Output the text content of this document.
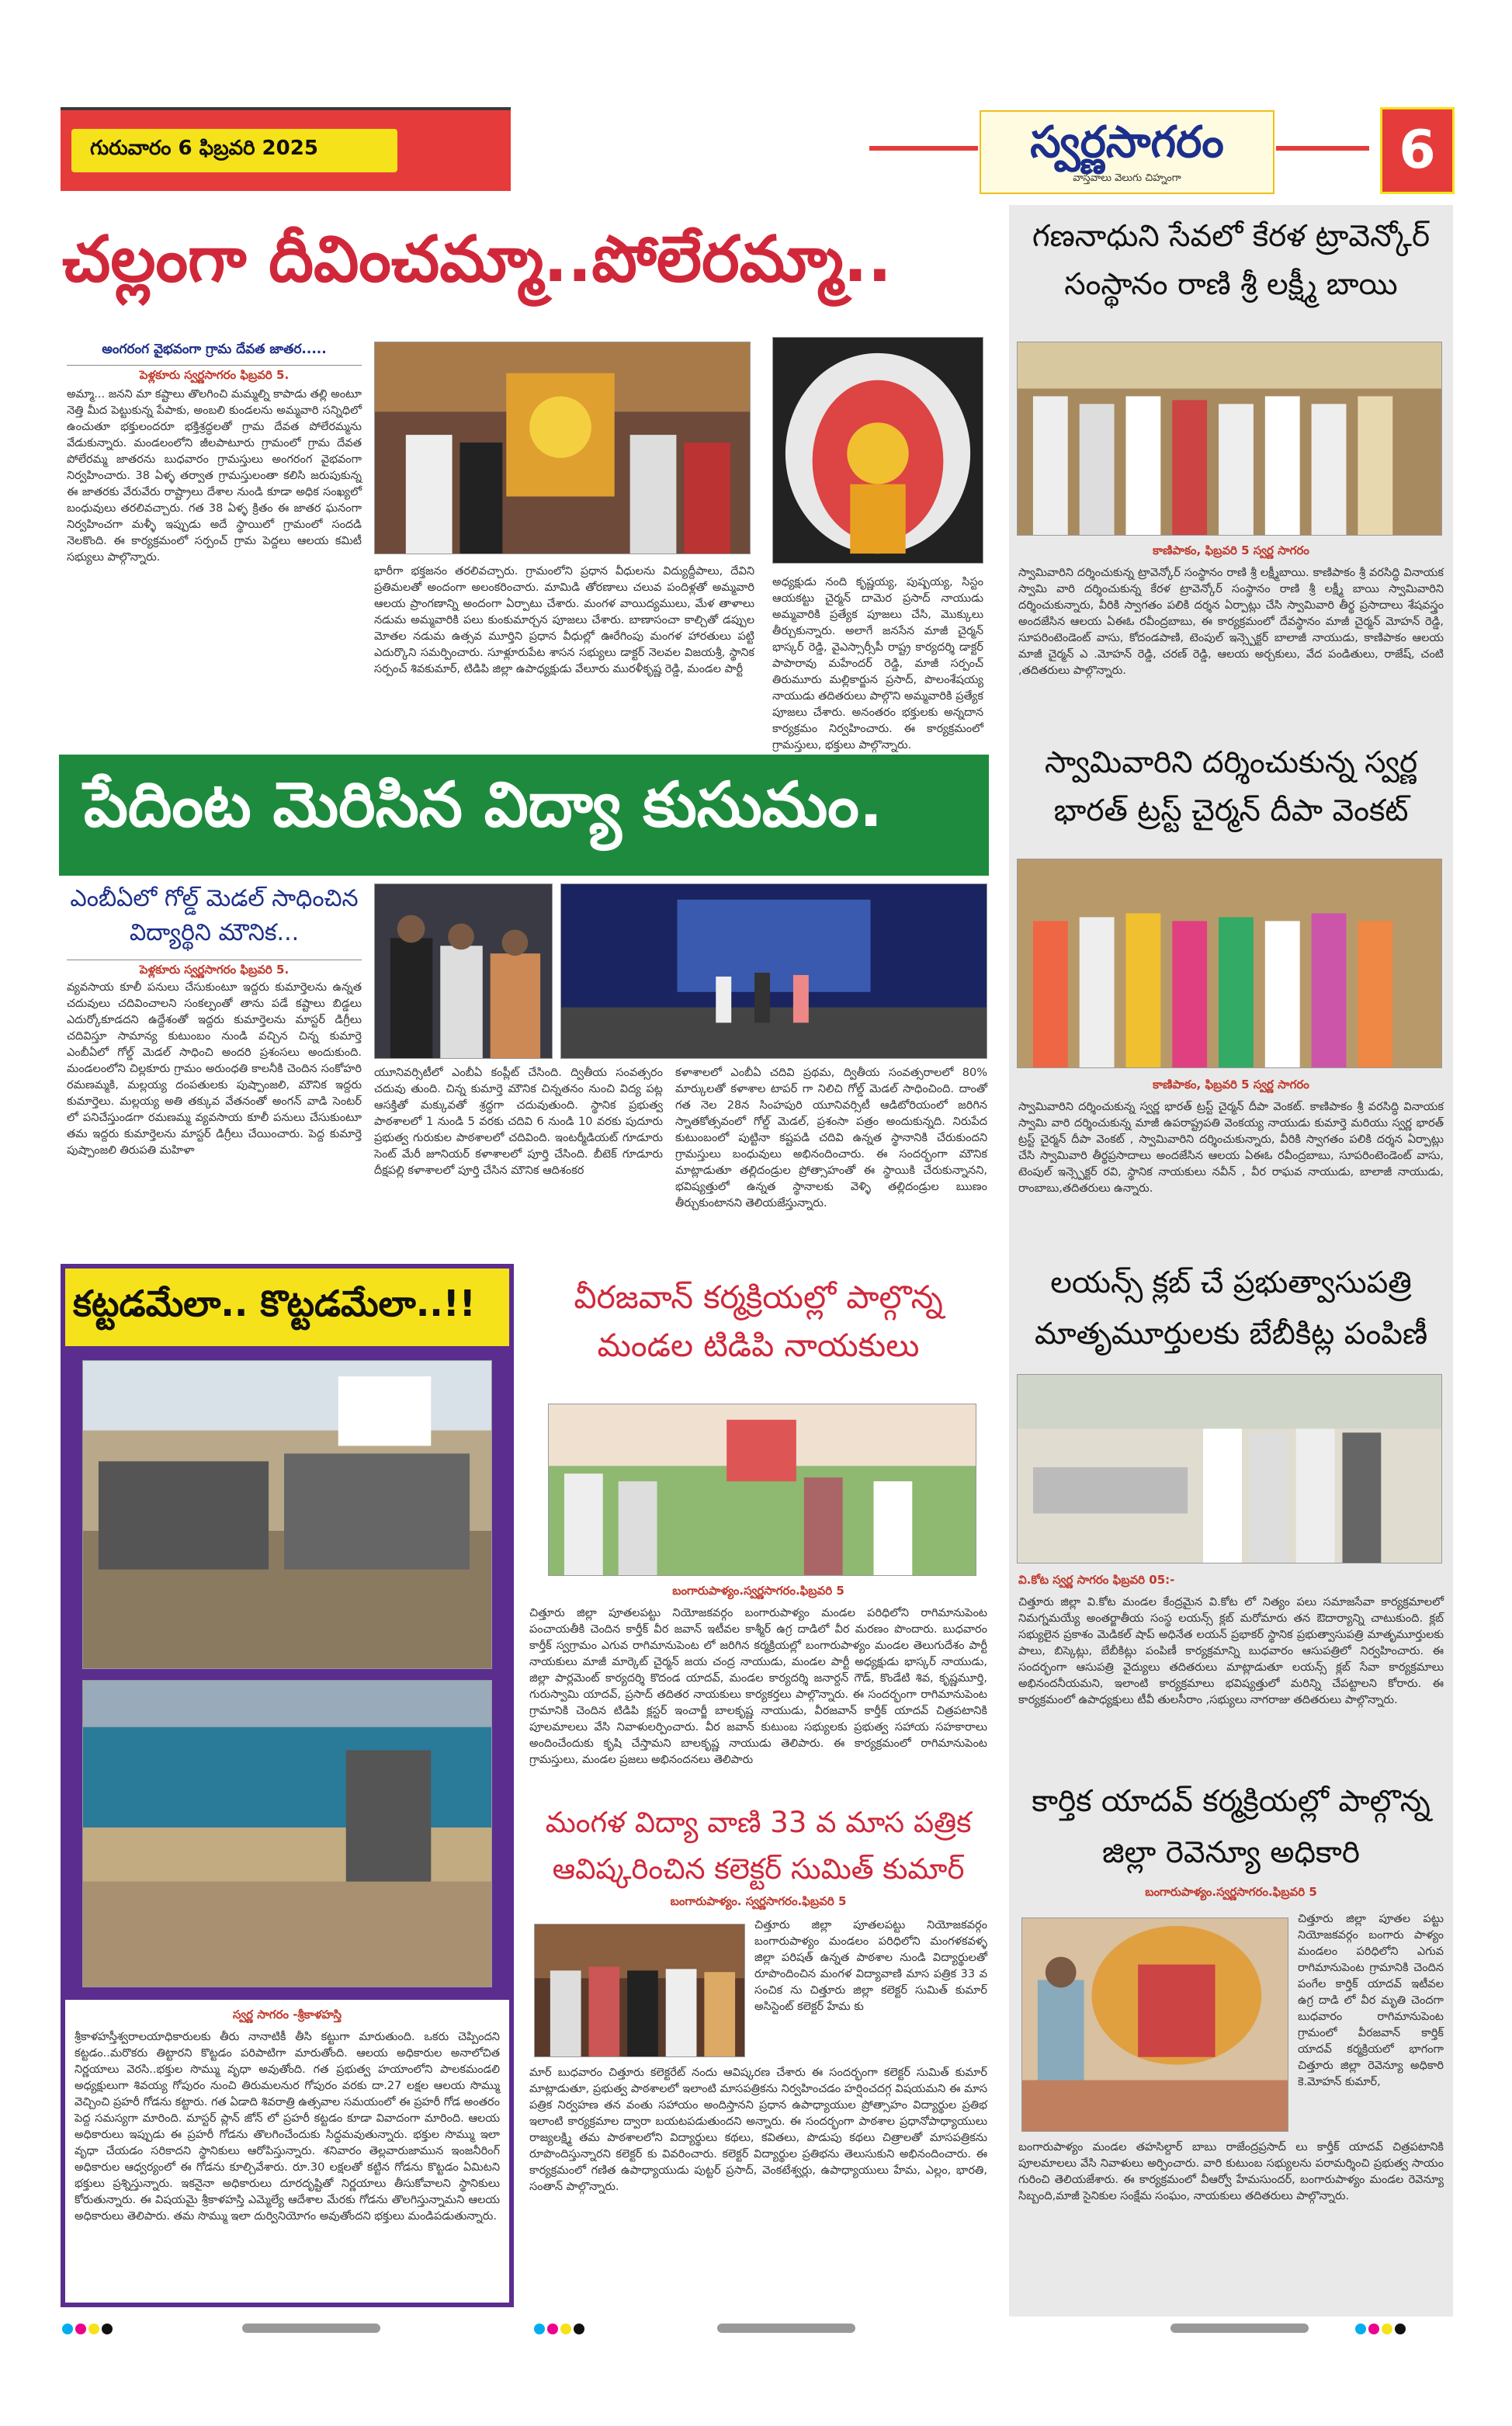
గురువారం 6 ఫిబ్రవరి 2025	స్వర్ణసాగరం
వాస్తవాలు వెలుగు చిహ్నంగా	6
చల్లంగా దీవించమ్మా..పోలేరమ్మా..
అంగరంగ వైభవంగా గ్రామ దేవత జాతర.....
పెళ్లకూరు స్వర్ణసాగరం ఫిబ్రవరి 5.
అమ్మా... జనని మా కష్టాలు తొలగించి మమ్మల్ని కాపాడు తల్లి అంటూ నెత్తి మీద పెట్టుకున్న పేపాకు, అంబలి కుండలను అమ్మవారి సన్నిధిలో ఉంచుతూ భక్తులందరూ భక్తిశ్రద్ధలతో గ్రామ దేవత పోలేరమ్మను వేడుకున్నారు. మండలంలోని జీలపాటూరు గ్రామంలో గ్రామ దేవత పోలేరమ్మ జాతరను బుధవారం గ్రామస్తులు అంగరంగ వైభవంగా నిర్వహించారు. 38 ఏళ్ళ తర్వాత గ్రామస్తులంతా కలిసి జరుపుకున్న ఈ జాతరకు వేరువేరు రాష్ట్రాలు దేశాల నుండి కూడా అధిక సంఖ్యలో బంధువులు తరలివచ్చారు. గత 38 ఏళ్ళ క్రితం ఈ జాతర ఘనంగా నిర్వహించగా మళ్ళీ ఇప్పుడు అదే స్థాయిలో గ్రామంలో సందడి నెలకొంది. ఈ కార్యక్రమంలో సర్పంచ్ గ్రామ పెద్దలు ఆలయ కమిటీ సభ్యులు పాల్గొన్నారు.
భారీగా భక్తజనం తరలివచ్చారు. గ్రామంలోని ప్రధాన వీధులను విద్యుద్దీపాలు, దేవిని ప్రతిమలతో అందంగా అలంకరించారు. మామిడి తోరణాలు చలువ పందిళ్లతో అమ్మవారి ఆలయ ప్రాంగణాన్ని అందంగా ఏర్పాటు చేశారు. మంగళ వాయిద్యములు, మేళ తాళాలు నడుమ అమ్మవారికి పలు కుంకుమార్చన పూజలు చేశారు. బాణాసంచా కాల్చితో డప్పుల మోతల నడుమ ఉత్సవ మూర్తిని ప్రధాన వీధుల్లో ఊరేగింపు మంగళ హారతులు పట్టి ఎదుర్కొని సమర్పించారు. సూళ్లూరుపేట శాసన సభ్యులు డాక్టర్ నెలవల విజయశ్రీ, స్థానిక సర్పంచ్ శివకుమార్, టిడిపి జిల్లా ఉపాధ్యక్షుడు వేలూరు మురళీకృష్ణ రెడ్డి, మండల పార్టీ
అధ్యక్షుడు నంది కృష్ణయ్య, పుష్పయ్య, సిస్టం ఆయకట్టు చైర్మన్ దామెర ప్రసాద్ నాయుడు అమ్మవారికి ప్రత్యేక పూజలు చేసి, మొక్కులు తీర్చుకున్నారు. అలాగే జనసేన మాజీ చైర్మన్ భాస్కర్ రెడ్డి, వైఎస్సార్సీపీ రాష్ట్ర కార్యదర్శి డాక్టర్ పాపారావు మహేందర్ రెడ్డి, మాజీ సర్పంచ్ తిరుమూరు మల్లికార్జున ప్రసాద్, పొలంశేషయ్య నాయుడు తదితరులు పాల్గొని అమ్మవారికి ప్రత్యేక పూజలు చేశారు. అనంతరం భక్తులకు అన్నదాన కార్యక్రమం నిర్వహించారు. ఈ కార్యక్రమంలో గ్రామస్తులు, భక్తులు పాల్గొన్నారు.
పేదింట మెరిసిన విద్యా కుసుమం.
ఎంబీఏలో గోల్డ్ మెడల్ సాధించిన విద్యార్థిని మౌనిక...
పెళ్లకూరు స్వర్ణసాగరం ఫిబ్రవరి 5.
వ్యవసాయ కూలీ పనులు చేసుకుంటూ ఇద్దరు కుమార్తెలను ఉన్నత చదువులు చదివించాలని సంకల్పంతో తాను పడే కష్టాలు బిడ్డలు ఎదుర్కోకూడదని ఉద్దేశంతో ఇద్దరు కుమార్తెలను మాస్టర్ డిగ్రీలు చదివిస్తూ సామాన్య కుటుంబం నుండి వచ్చిన చిన్న కుమార్తె ఎంబీఏలో గోల్డ్ మెడల్ సాధించి అందరి ప్రశంసలు అందుకుంది. మండలంలోని చిల్లకూరు గ్రామం అరుంధతి కాలనీకి చెందిన సంకోహరి రమణమ్మకి, మల్లయ్య దంపతులకు పుష్పాంజలి, మౌనిక ఇద్దరు కుమార్తెలు. మల్లయ్య అతి తక్కువ వేతనంతో అంగన్ వాడి సెంటర్ లో పనిచేస్తుండగా రమణమ్మ వ్యవసాయ కూలీ పనులు చేసుకుంటూ తమ ఇద్దరు కుమార్తెలను మాస్టర్ డిగ్రీలు చేయించారు. పెద్ద కుమార్తె పుష్పాంజలి తిరుపతి మహిళా
యూనివర్సిటీలో ఎంబీఏ కంప్లీట్ చేసింది. ద్వితీయ సంవత్సరం చదువు తుంది. చిన్న కుమార్తె మౌనిక చిన్నతనం నుంచి విద్య పట్ల ఆసక్తితో మక్కువతో శ్రద్ధగా చదువుతుంది. స్థానిక ప్రభుత్వ పాఠశాలలో 1 నుండి 5 వరకు చదివి 6 నుండి 10 వరకు పుదూరు ప్రభుత్వ గురుకుల పాఠశాలలో చదివింది. ఇంటర్మీడియట్ గూడూరు సెంట్ మేరీ జూనియర్ కళాశాలలో పూర్తి చేసింది. బీటెక్ గూడూరు దీక్షపల్లి కళాశాలలో పూర్తి చేసిన మౌనిక ఆదిశంకర
కళాశాలలో ఎంబీఏ చదివి ప్రథమ, ద్వితీయ సంవత్సరాలలో 80% మార్కులతో కళాశాల టాపర్ గా నిలిచి గోల్డ్ మెడల్ సాధించింది. దాంతో గత నెల 28న సింహపురి యూనివర్సిటీ ఆడిటోరియంలో జరిగిన స్నాతకోత్సవంలో గోల్డ్ మెడల్, ప్రశంసా పత్రం అందుకున్నది. నిరుపేద కుటుంబంలో పుట్టినా కష్టపడి చదివి ఉన్నత స్థానానికి చేరుకుందని గ్రామస్తులు బంధువులు అభినందించారు. ఈ సందర్భంగా మౌనిక మాట్లాడుతూ తల్లిదండ్రుల ప్రోత్సాహంతో ఈ స్థాయికి చేరుకున్నానని, భవిష్యత్తులో ఉన్నత స్థానాలకు వెళ్ళి తల్లిదండ్రుల ఋణం తీర్చుకుంటానని తెలియజేస్తున్నారు.
కట్టడమేలా.. కొట్టడమేలా..!!
స్వర్ణ సాగరం -శ్రీకాళహస్తి
శ్రీకాళహస్తీశ్వరాలయాధికారులకు తీరు నానాటికీ తీసి కట్టుగా మారుతుంది. ఒకరు చెప్పిందని కట్టడం..మరొకరు తిట్టారని కొట్టడం పరిపాటిగా మారుతోంది. ఆలయ అధికారుల అనాలోచిత నిర్ణయాలు వెరసి..భక్తుల సొమ్ము వృధా అవుతోంది. గత ప్రభుత్వ హయాంలోని పాలకమండలి అధ్యక్షులుగా శివయ్య గోపురం నుంచి తిరుమలనుర గోపురం వరకు దా.27 లక్షల ఆలయ సొమ్ము వెచ్చించి ప్రహరీ గోడను కట్టారు. గత ఏడాది శివరాత్రి ఉత్సవాల సమయంలో ఈ ప్రహరీ గోడ అంతరం పెద్ద సమస్యగా మారింది. మాస్టర్ ప్లాన్ జోన్ లో ప్రహరీ కట్టడం కూడా వివాదంగా మారింది. ఆలయ అధికారులు ఇప్పుడు ఈ ప్రహరీ గోడను తొలగించేందుకు సిద్ధమవుతున్నారు. భక్తుల సొమ్ము ఇలా వృధా చేయడం సరికాదని స్థానికులు ఆరోపిస్తున్నారు. శనివారం తెల్లవారుజామున ఇంజనీరింగ్ అధికారుల ఆధ్వర్యంలో ఈ గోడను కూల్చివేశారు. రూ.30 లక్షలతో కట్టిన గోడను కొట్టడం ఏమిటని భక్తులు ప్రశ్నిస్తున్నారు. ఇకనైనా అధికారులు దూరదృష్టితో నిర్ణయాలు తీసుకోవాలని స్థానికులు కోరుతున్నారు. ఈ విషయమై శ్రీకాళహస్తి ఎమ్మెల్యే ఆదేశాల మేరకు గోడను తొలగిస్తున్నామని ఆలయ అధికారులు తెలిపారు. తమ సొమ్ము ఇలా దుర్వినియోగం అవుతోందని భక్తులు మండిపడుతున్నారు.
వీరజవాన్ కర్మక్రియల్లో పాల్గొన్న మండల టిడిపి నాయకులు
బంగారుపాళ్యం.స్వర్ణసాగరం.ఫిబ్రవరి 5
చిత్తూరు జిల్లా పూతలపట్టు నియోజకవర్గం బంగారుపాళ్యం మండల పరిధిలోని రాగిమానుపెంట పంచాయతీకి చెందిన కార్తీక్ వీర జవాన్ ఇటీవల కాశ్మీర్ ఉగ్ర దాడిలో వీర మరణం పొందారు. బుధవారం కార్తీక్ స్వగ్రామం ఎగువ రాగిమానుపెంట లో జరిగిన కర్మక్రియల్లో బంగారుపాళ్యం మండల తెలుగుదేశం పార్టీ నాయకులు మాజీ మార్కెట్ చైర్మన్ జయ చంద్ర నాయుడు, మండల పార్టీ అధ్యక్షుడు భాస్కర్ నాయుడు, జిల్లా పార్లమెంట్ కార్యదర్శి కొదండ యాదవ్, మండల కార్యదర్శి జనార్దన్ గౌడ్, కొండేటి శివ, కృష్ణమూర్తి, గురుస్వామి యాదవ్, ప్రసాద్ తదితర నాయకులు కార్యకర్తలు పాల్గొన్నారు. ఈ సందర్భంగా రాగిమానుపెంట గ్రామానికి చెందిన టిడిపి క్లస్టర్ ఇంచార్జీ బాలకృష్ణ నాయుడు, వీరజవాన్ కార్తీక్ యాదవ్ చిత్రపటానికి పూలమాలలు వేసి నివాళులర్పించారు. వీర జవాన్ కుటుంబ సభ్యులకు ప్రభుత్వ సహాయ సహకారాలు అందించేందుకు కృషి చేస్తామని బాలకృష్ణ నాయుడు తెలిపారు. ఈ కార్యక్రమంలో రాగిమానుపెంట గ్రామస్తులు, మండల ప్రజలు అభినందనలు తెలిపారు
మంగళ విద్యా వాణి 33 వ మాస పత్రిక ఆవిష్కరించిన కలెక్టర్ సుమిత్ కుమార్
బంగారుపాళ్యం. స్వర్ణసాగరం.ఫిబ్రవరి 5
చిత్తూరు జిల్లా పూతలపట్టు నియోజకవర్గం బంగారుపాళ్యం మండలం పరిధిలోని మంగళకవళ్ళ జిల్లా పరిషత్ ఉన్నత పాఠశాల నుండి విద్యార్థులతో రూపొందించిన మంగళ విద్యావాణి మాస పత్రిక 33 వ సంచిక ను చిత్తూరు జిల్లా కలెక్టర్ సుమిత్ కుమార్ అసిస్టెంట్ కలెక్టర్ హేమ కు
మార్ బుధవారం చిత్తూరు కలెక్టరేట్ నందు ఆవిష్కరణ చేశారు ఈ సందర్భంగా కలెక్టర్ సుమిత్ కుమార్ మాట్లాడుతూ, ప్రభుత్వ పాఠశాలలో ఇలాంటి మాసపత్రికను నిర్వహించడం హర్షించదగ్గ విషయమని ఈ మాస పత్రిక నిర్వహణ తన వంతు సహాయం అందిస్తానని ప్రధాన ఉపాధ్యాయుల ప్రోత్సాహం విద్యార్థుల ప్రతిభ ఇలాంటి కార్యక్రమాల ద్వారా బయటపడుతుందని అన్నారు. ఈ సందర్భంగా పాఠశాల ప్రధానోపాధ్యాయులు రాజ్యలక్ష్మి తమ పాఠశాలలోని విద్యార్థులు కథలు, కవితలు, పొడుపు కథలు చిత్రాలతో మాసపత్రికను రూపొందిస్తున్నారని కలెక్టర్ కు వివరించారు. కలెక్టర్ విద్యార్థుల ప్రతిభను తెలుసుకుని అభినందించారు. ఈ కార్యక్రమంలో గణిత ఉపాధ్యాయుడు పుట్టర్ ప్రసాద్, వెంకటేశ్వర్లు, ఉపాధ్యాయులు హేమ, ఎల్లం, భారతి, సంతాన్ పాల్గొన్నారు.
గణనాధుని సేవలో కేరళ ట్రావెన్కోర్ సంస్థానం రాణి శ్రీ లక్ష్మీ బాయి
కాణిపాకం, ఫిబ్రవరి 5 స్వర్ణ సాగరం
స్వామివారిని దర్శించుకున్న ట్రావెన్కోర్ సంస్థానం రాణి శ్రీ లక్ష్మీబాయి. కాణిపాకం శ్రీ వరసిద్ధి వినాయక స్వామి వారి దర్శించుకున్న కేరళ ట్రావెన్కోర్ సంస్థానం రాణి శ్రీ లక్ష్మీ బాయి స్వామివారిని దర్శించుకున్నారు, వీరికి స్వాగతం పలికి దర్శన ఏర్పాట్లు చేసి స్వామివారి తీర్థ ప్రసాదాలు శేషవస్త్రం అందజేసిన ఆలయ ఏఈఓ రవీంద్రబాబు, ఈ కార్యక్రమంలో దేవస్థానం మాజీ చైర్మన్ మోహన్ రెడ్డి, సూపరింటెండెంట్ వాసు, కోదండపాణి, టెంపుల్ ఇన్స్పెక్టర్ బాలాజీ నాయుడు, కాణిపాకం ఆలయ మాజీ చైర్మన్ ఎ .మోహన్ రెడ్డి, చరణ్ రెడ్డి, ఆలయ అర్చకులు, వేద పండితులు, రాజేష్, చంటి ,తదితరులు పాల్గొన్నారు.
స్వామివారిని దర్శించుకున్న స్వర్ణ భారత్ ట్రస్ట్ చైర్మన్ దీపా వెంకట్
కాణిపాకం, ఫిబ్రవరి 5 స్వర్ణ సాగరం
స్వామివారిని దర్శించుకున్న స్వర్ణ భారత్ ట్రస్ట్ చైర్మన్ దీపా వెంకట్. కాణిపాకం శ్రీ వరసిద్ధి వినాయక స్వామి వారి దర్శించుకున్న మాజీ ఉపరాష్ట్రపతి వెంకయ్య నాయుడు కుమార్తె మరియు స్వర్ణ భారత్ ట్రస్ట్ చైర్మన్ దీపా వెంకట్ , స్వామివారిని దర్శించుకున్నారు, వీరికి స్వాగతం పలికి దర్శన ఏర్పాట్లు చేసి స్వామివారి తీర్థప్రసాదాలు అందజేసిన ఆలయ ఏఈఓ రవీంద్రబాబు, సూపరింటెండెంట్ వాసు, టెంపుల్ ఇన్స్పెక్టర్ రవి, స్థానిక నాయకులు నవీన్ , వీర రాఘవ నాయుడు, బాలాజీ నాయుడు, రాంబాబు,తదితరులు ఉన్నారు.
లయన్స్ క్లబ్ చే ప్రభుత్వాసుపత్రి మాతృమూర్తులకు బేబీకిట్ల పంపిణీ
వి.కోట స్వర్ణ సాగరం ఫిబ్రవరి 05:-
చిత్తూరు జిల్లా వి.కోట మండల కేంద్రమైన వి.కోట లో నిత్యం పలు సమాజసేవా కార్యక్రమాలలో నిమగ్నమయ్యే అంతర్జాతీయ సంస్థ లయన్స్ క్లబ్ మరోమారు తన ఔదార్యాన్ని చాటుకుంది. క్లబ్ సభ్యులైన ప్రకాశం మెడికల్ షాప్ అధినేత లయన్ ప్రభాకర్ స్థానిక ప్రభుత్వాసుపత్రి మాతృమూర్తులకు పాలు, బిస్కెట్లు, బేబీకిట్లు పంపిణీ కార్యక్రమాన్ని బుధవారం ఆసుపత్రిలో నిర్వహించారు. ఈ సందర్భంగా ఆసుపత్రి వైద్యులు తదితరులు మాట్లాడుతూ లయన్స్ క్లబ్ సేవా కార్యక్రమాలు అభినందనీయమని, ఇలాంటి కార్యక్రమాలు భవిష్యత్తులో మరిన్ని చేపట్టాలని కోరారు. ఈ కార్యక్రమంలో ఉపాధ్యక్షులు టీవీ తులసీరాం ,సభ్యులు నాగరాజు తదితరులు పాల్గొన్నారు.
కార్తిక యాదవ్ కర్మక్రియల్లో పాల్గొన్న జిల్లా రెవెన్యూ అధికారి
బంగారుపాళ్యం.స్వర్ణసాగరం.ఫిబ్రవరి 5
చిత్తూరు జిల్లా పూతల పట్టు నియోజకవర్గం బంగారు పాళ్యం మండలం పరిధిలోని ఎగువ రాగిమానుపెంట గ్రామానికి చెందిన పంగేల కార్తిక్ యాదవ్ ఇటీవల ఉగ్ర దాడి లో వీర మృతి చెందగా బుధవారం రాగిమానుపెంట గ్రామంలో వీరజవాన్ కార్తిక్ యాదవ్ కర్మక్రియలో భాగంగా చిత్తూరు జిల్లా రెవెన్యూ అధికారి కె.మోహన్ కుమార్,
బంగారుపాళ్యం మండల తహసిల్దార్ బాబు రాజేంద్రప్రసాద్ లు కార్తీక్ యాదవ్ చిత్రపటానికి పూలమాలలు వేసి నివాళులు అర్పించారు. వారి కుటుంబ సభ్యులను పరామర్శించి ప్రభుత్వ సాయం గురించి తెలియజేశారు. ఈ కార్యక్రమంలో వీఆర్వో హేమసుందర్, బంగారుపాళ్యం మండల రెవెన్యూ సిబ్బంది,మాజీ సైనికుల సంక్షేమ సంఘం, నాయకులు తదితరులు పాల్గొన్నారు.
